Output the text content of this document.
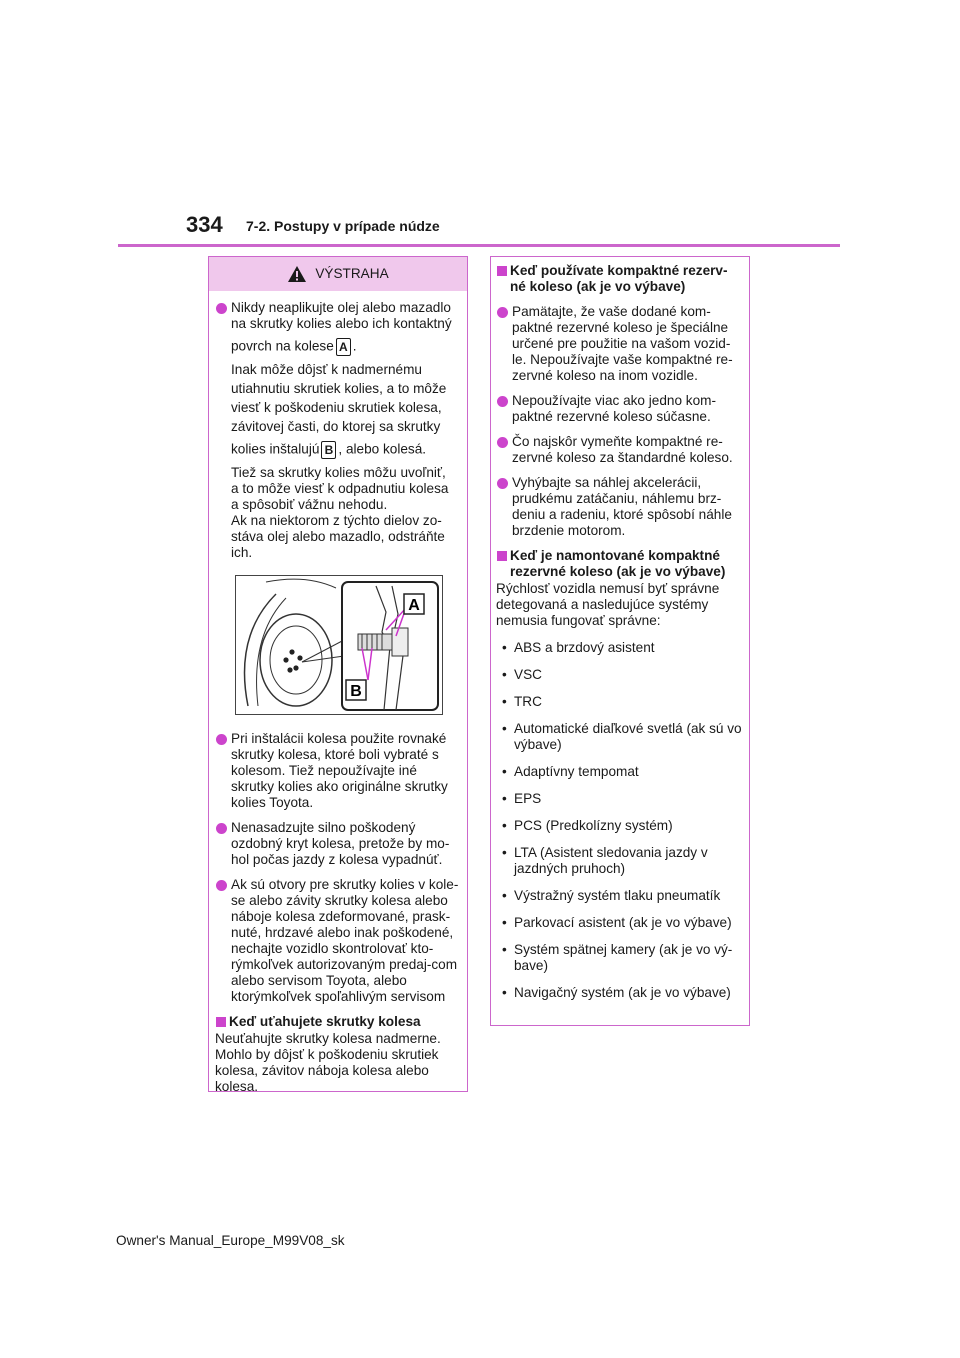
334 7-2. Postupy v prípade núdze
VÝSTRAHA
Nikdy neaplikujte olej alebo mazadlo
na skrutky kolies alebo ich kontaktný
povrch na kolese A .
Inak môže dôjsť k nadmernému
utiahnutiu skrutiek kolies, a to môže
viesť k poškodeniu skrutiek kolesa,
závitovej časti, do ktorej sa skrutky
kolies inštalujú B , alebo kolesá.
Tiež sa skrutky kolies môžu uvoľniť,
a to môže viesť k odpadnutiu kolesa
a spôsobiť vážnu nehodu.
Ak na niektorom z týchto dielov zo-
stáva olej alebo mazadlo, odstráňte
ich.
A
B
Pri inštalácii kolesa použite rovnaké skrutky kolesa, ktoré boli vybraté s kolesom. Tiež nepoužívajte iné skrutky kolies ako originálne skrutky kolies Toyota.
Nenasadzujte silno poškodený ozdobný kryt kolesa, pretože by mo-hol počas jazdy z kolesa vypadnúť.
Ak sú otvory pre skrutky kolies v kole-se alebo závity skrutky kolesa alebo náboje kolesa zdeformované, prask-nuté, hrdzavé alebo inak poškodené, nechajte vozidlo skontrolovať kto-rýmkoľvek autorizovaným predaj-com alebo servisom Toyota, alebo ktorýmkoľvek spoľahlivým servisom
Keď uťahujete skrutky kolesa
Neuťahujte skrutky kolesa nadmerne. Mohlo by dôjsť k poškodeniu skrutiek kolesa, závitov nábojа kolesa alebo kolesa.
Keď používate kompaktné rezerv-né koleso (ak je vo výbave)
Pamätajte, že vaše dodané kom-paktné rezervné koleso je špeciálne určené pre použitie na vašom vozid-le. Nepoužívajte vaše kompaktné re-zervné koleso na inom vozidle.
Nepoužívajte viac ako jedno kom-paktné rezervné koleso súčasne.
Čo najskôr vymeňte kompaktné re-zervné koleso za štandardné koleso.
Vyhýbajte sa náhlej akcelerácii, prudkému zatáčaniu, náhlemu brz-deniu a radeniu, ktoré spôsobí náhle brzdenie motorom.
Keď je namontované kompaktné rezervné koleso (ak je vo výbave)
Rýchlosť vozidla nemusí byť správne detegovaná a nasledujúce systémy nemusia fungovať správne:
• ABS a brzdový asistent
• VSC
• TRC
• Automatické diaľkové svetlá (ak sú vo výbave)
• Adaptívny tempomat
• EPS
• PCS (Predkolízny systém)
• LTA (Asistent sledovania jazdy v jazdných pruhoch)
• Výstražný systém tlaku pneumatík
• Parkovací asistent (ak je vo výbave)
• Systém spätnej kamery (ak je vo vý-bave)
• Navigačný systém (ak je vo výbave)
Owner's Manual_Europe_M99V08_sk
